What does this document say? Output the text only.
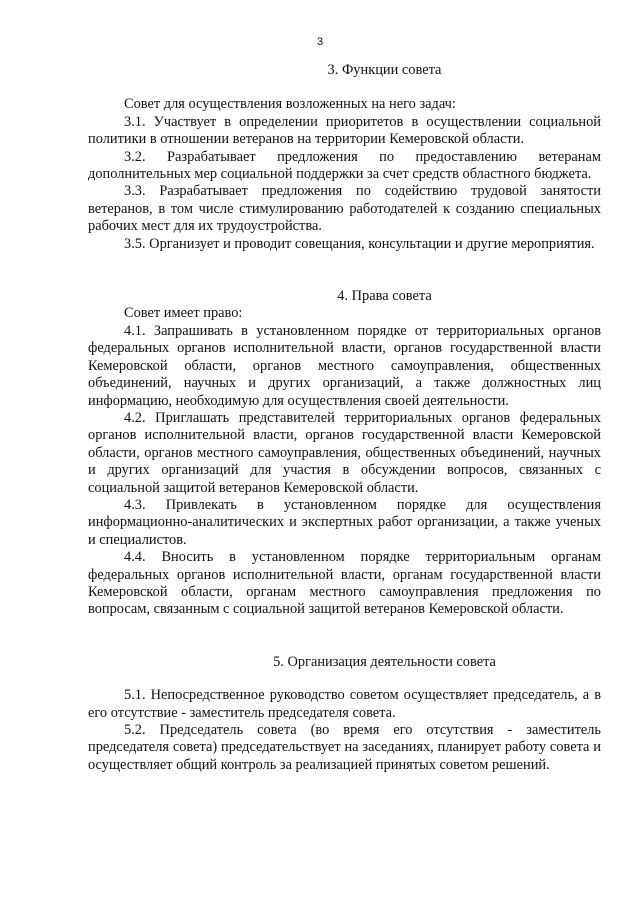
3
3. Функции совета

Совет для осуществления возложенных на него задач:

3.1. Участвует в определении приоритетов в осуществлении социальной политики в отношении ветеранов на территории Кемеровской области.

3.2. Разрабатывает предложения по предоставлению ветеранам дополнительных мер социальной поддержки за счет средств областного бюджета.

3.3. Разрабатывает предложения по содействию трудовой занятости ветеранов, в том числе стимулированию работодателей к созданию специальных рабочих мест для их трудоустройства.

3.5. Организует и проводит совещания, консультации и другие мероприятия.

4. Права совета

Совет имеет право:

4.1. Запрашивать в установленном порядке от территориальных органов федеральных органов исполнительной власти, органов государственной власти Кемеровской области, органов местного самоуправления, общественных объединений, научных и других организаций, а также должностных лиц информацию, необходимую для осуществления своей деятельности.

4.2. Приглашать представителей территориальных органов федеральных органов исполнительной власти, органов государственной власти Кемеровской области, органов местного самоуправления, общественных объединений, научных и других организаций для участия в обсуждении вопросов, связанных с социальной защитой ветеранов Кемеровской области.

4.3. Привлекать в установленном порядке для осуществления информационно-аналитических и экспертных работ организации, а также ученых и специалистов.

4.4. Вносить в установленном порядке территориальным органам федеральных органов исполнительной власти, органам государственной власти Кемеровской области, органам местного самоуправления предложения по вопросам, связанным с социальной защитой ветеранов Кемеровской области.

5. Организация деятельности совета

5.1. Непосредственное руководство советом осуществляет председатель, а в его отсутствие - заместитель председателя совета.

5.2. Председатель совета (во время его отсутствия - заместитель председателя совета) председательствует на заседаниях, планирует работу совета и осуществляет общий контроль за реализацией принятых советом решений.
